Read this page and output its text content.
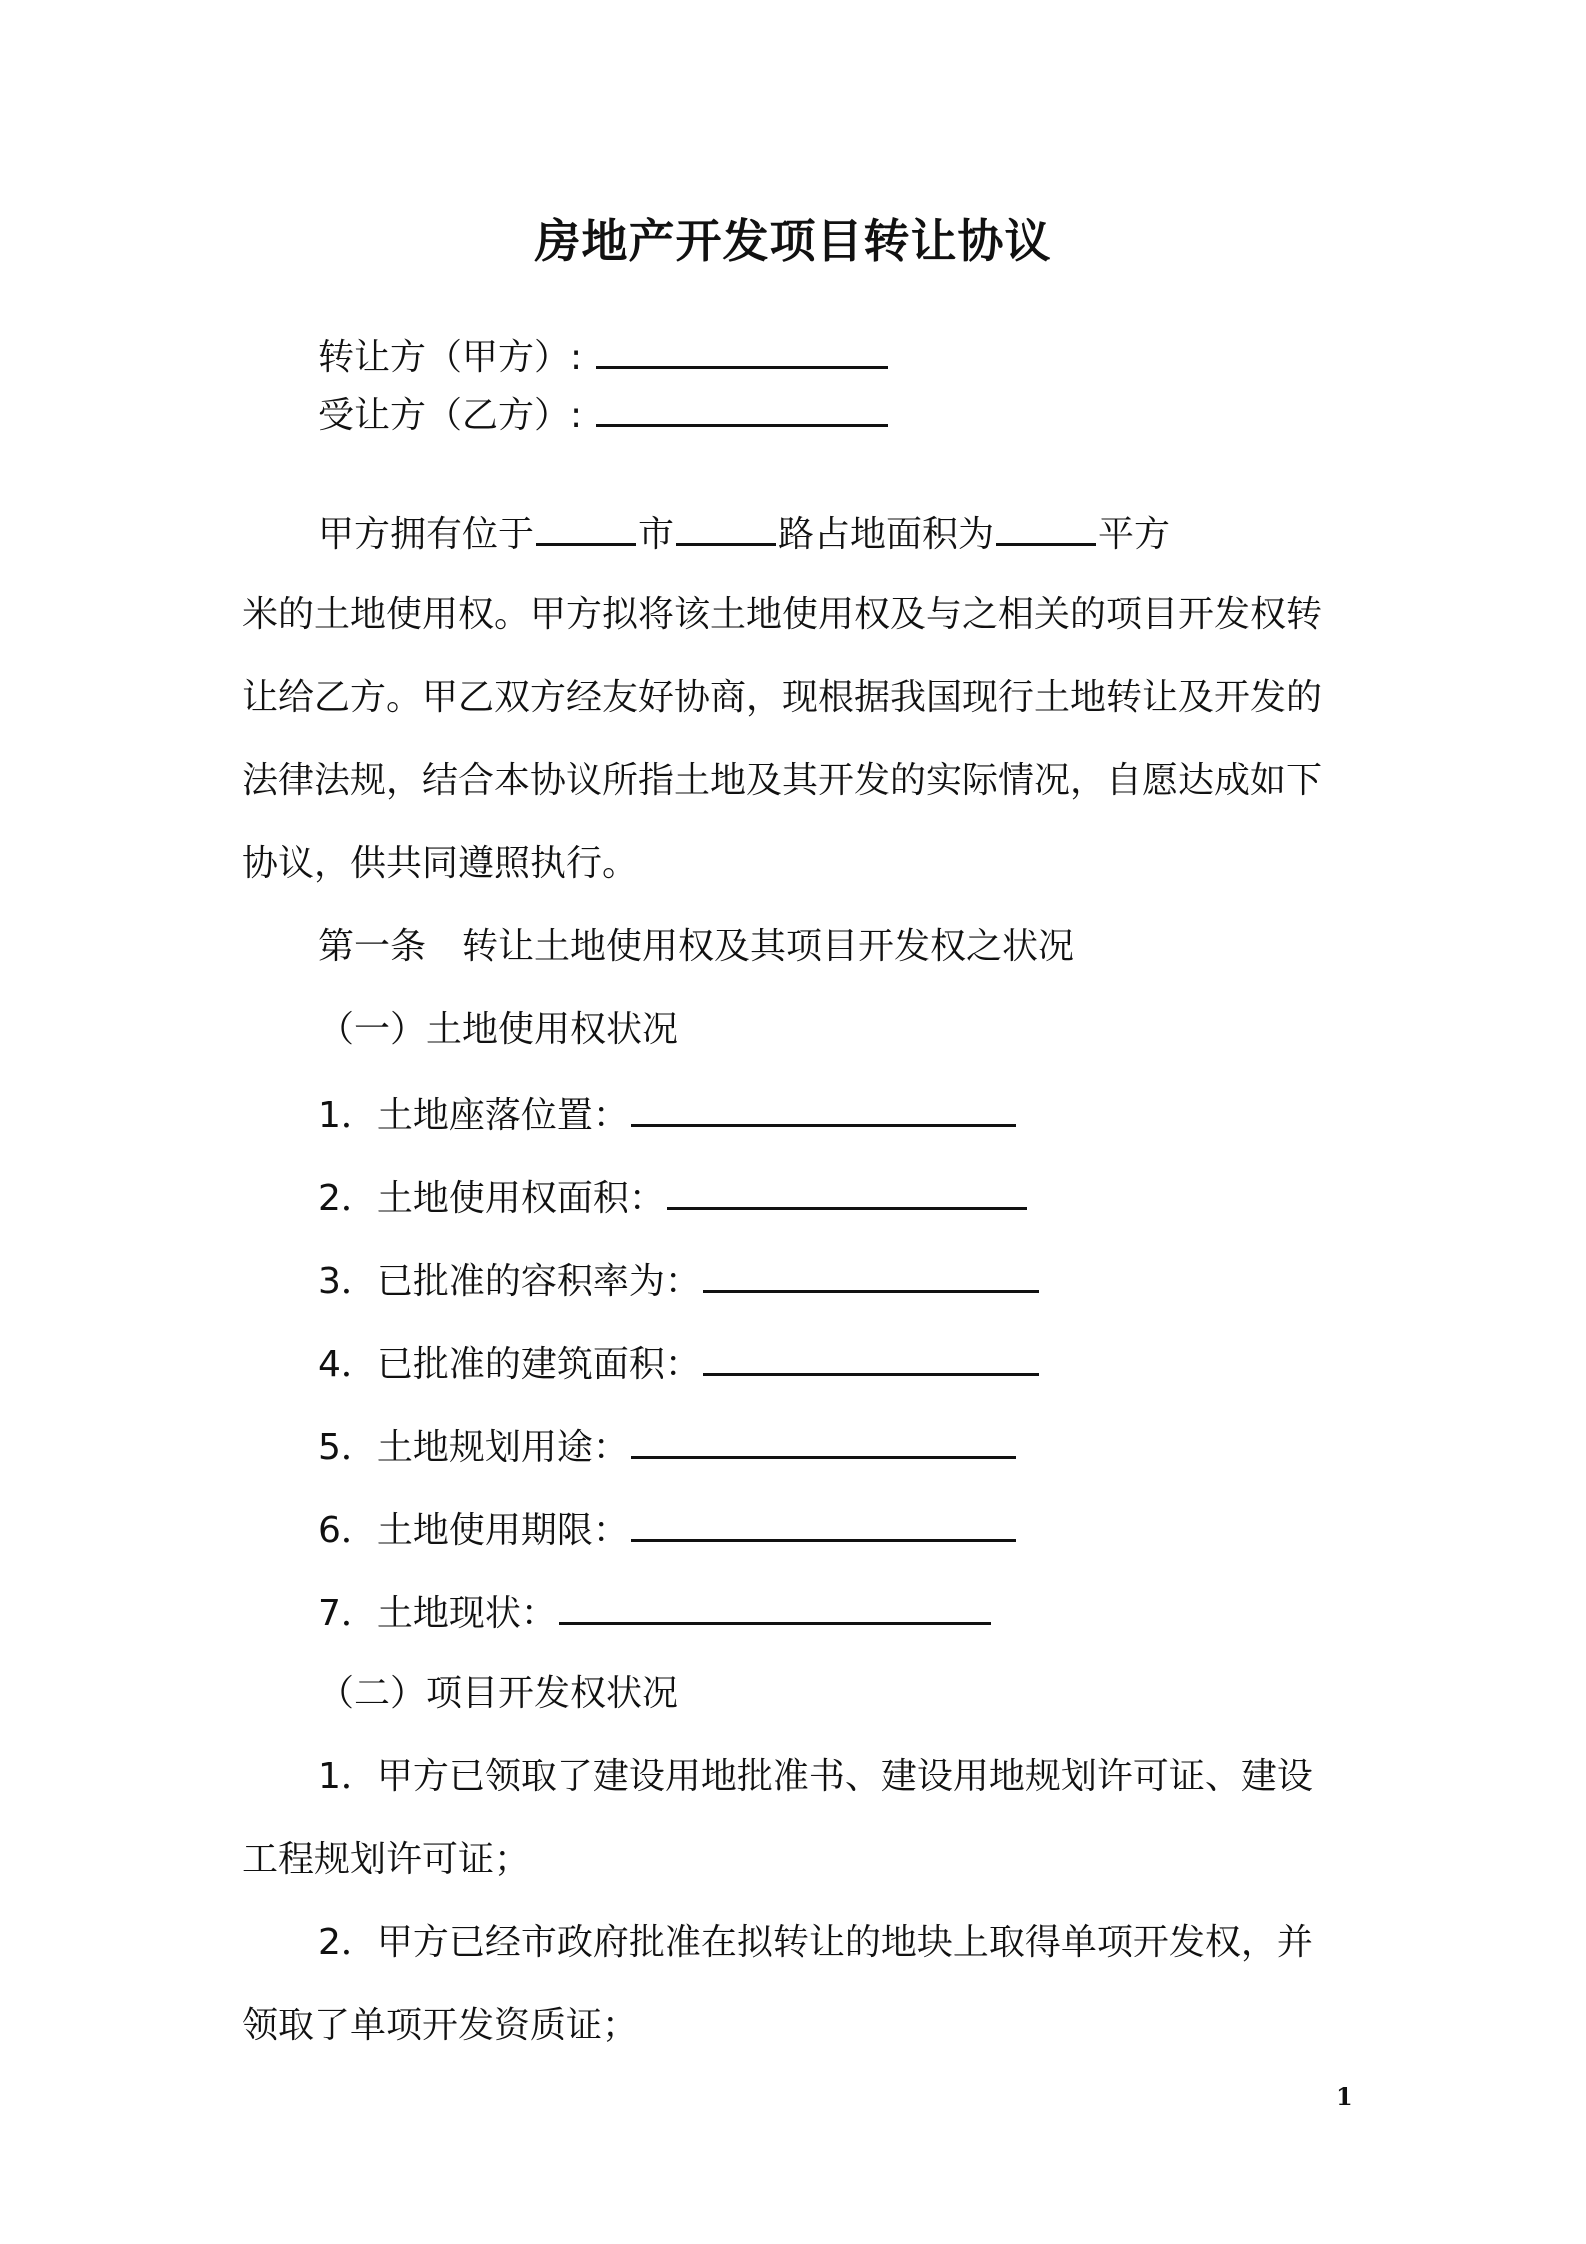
房地产开发项目转让协议
转让方（甲方）:
受让方（乙方）:
甲方拥有位于	市	路占地面积为	平方
米的土地使用权。甲方拟将该土地使用权及与之相关的项目开发权转
让给乙方。甲乙双方经友好协商，现根据我国现行土地转让及开发的
法律法规，结合本协议所指土地及其开发的实际情况，自愿达成如下
协议，供共同遵照执行。
第一条　转让土地使用权及其项目开发权之状况
（一）土地使用权状况
1．土地座落位置：
2．土地使用权面积：
3．已批准的容积率为：
4．已批准的建筑面积：
5．土地规划用途：
6．土地使用期限：
7．土地现状：
（二）项目开发权状况
1．甲方已领取了建设用地批准书、建设用地规划许可证、建设
工程规划许可证；
2．甲方已经市政府批准在拟转让的地块上取得单项开发权，并
领取了单项开发资质证；
1
